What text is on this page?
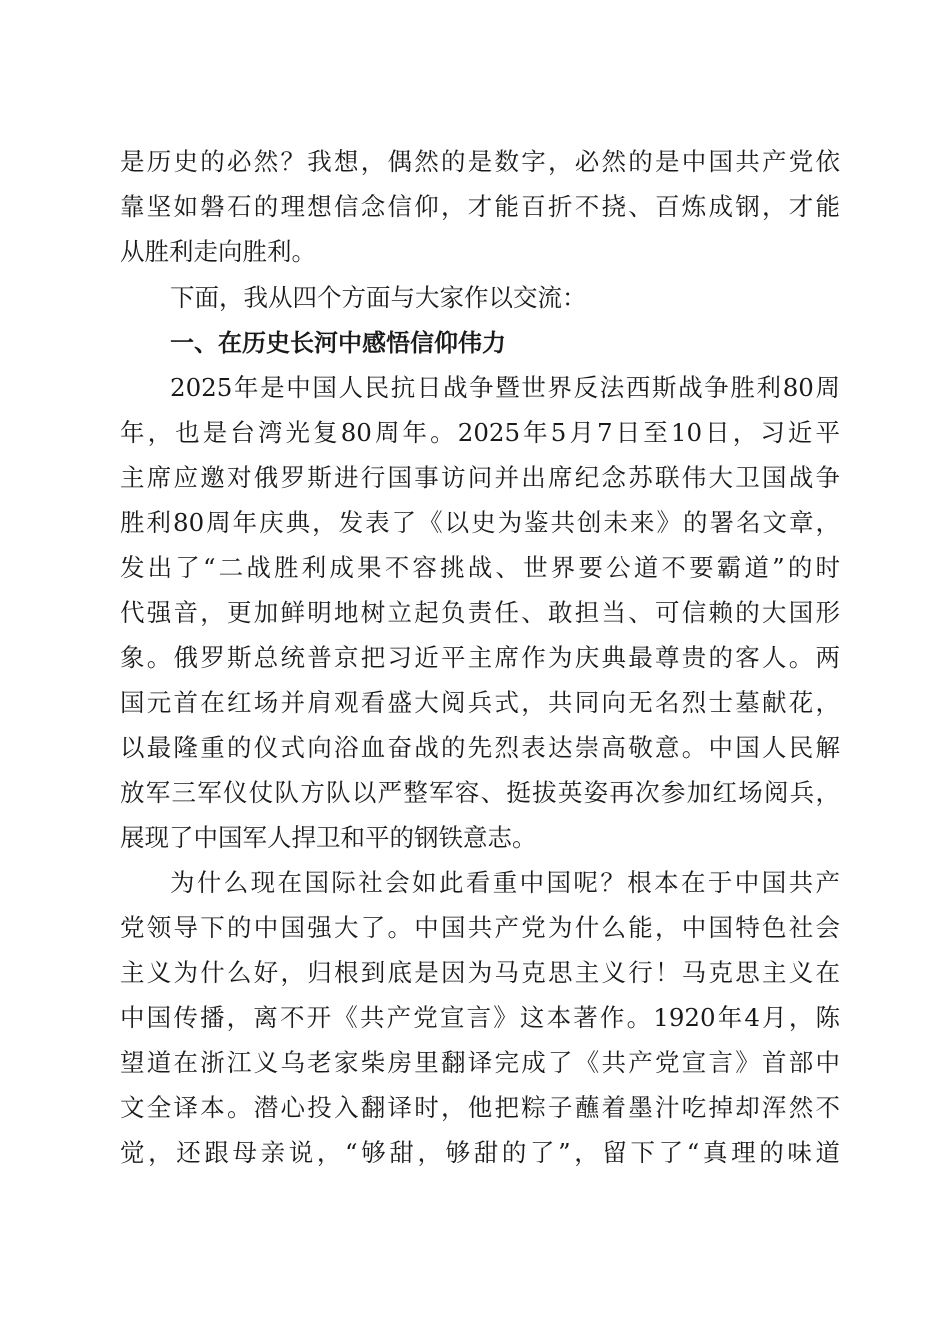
是历史的必然？我想，偶然的是数字，必然的是中国共产党依
靠坚如磐石的理想信念信仰，才能百折不挠、百炼成钢，才能
从胜利走向胜利。
下面，我从四个方面与大家作以交流：
一、在历史长河中感悟信仰伟力
2025年是中国人民抗日战争暨世界反法西斯战争胜利80周
年，也是台湾光复80周年。2025年5月7日至10日，习近平
主席应邀对俄罗斯进行国事访问并出席纪念苏联伟大卫国战争
胜利80周年庆典，发表了《以史为鉴共创未来》的署名文章，
发出了“二战胜利成果不容挑战、世界要公道不要霸道”的时
代强音，更加鲜明地树立起负责任、敢担当、可信赖的大国形
象。俄罗斯总统普京把习近平主席作为庆典最尊贵的客人。两
国元首在红场并肩观看盛大阅兵式，共同向无名烈士墓献花，
以最隆重的仪式向浴血奋战的先烈表达崇高敬意。中国人民解
放军三军仪仗队方队以严整军容、挺拔英姿再次参加红场阅兵，
展现了中国军人捍卫和平的钢铁意志。
为什么现在国际社会如此看重中国呢？根本在于中国共产
党领导下的中国强大了。中国共产党为什么能，中国特色社会
主义为什么好，归根到底是因为马克思主义行！马克思主义在
中国传播，离不开《共产党宣言》这本著作。1920年4月，陈
望道在浙江义乌老家柴房里翻译完成了《共产党宣言》首部中
文全译本。潜心投入翻译时，他把粽子蘸着墨汁吃掉却浑然不
觉，还跟母亲说，“够甜，够甜的了”，留下了“真理的味道
